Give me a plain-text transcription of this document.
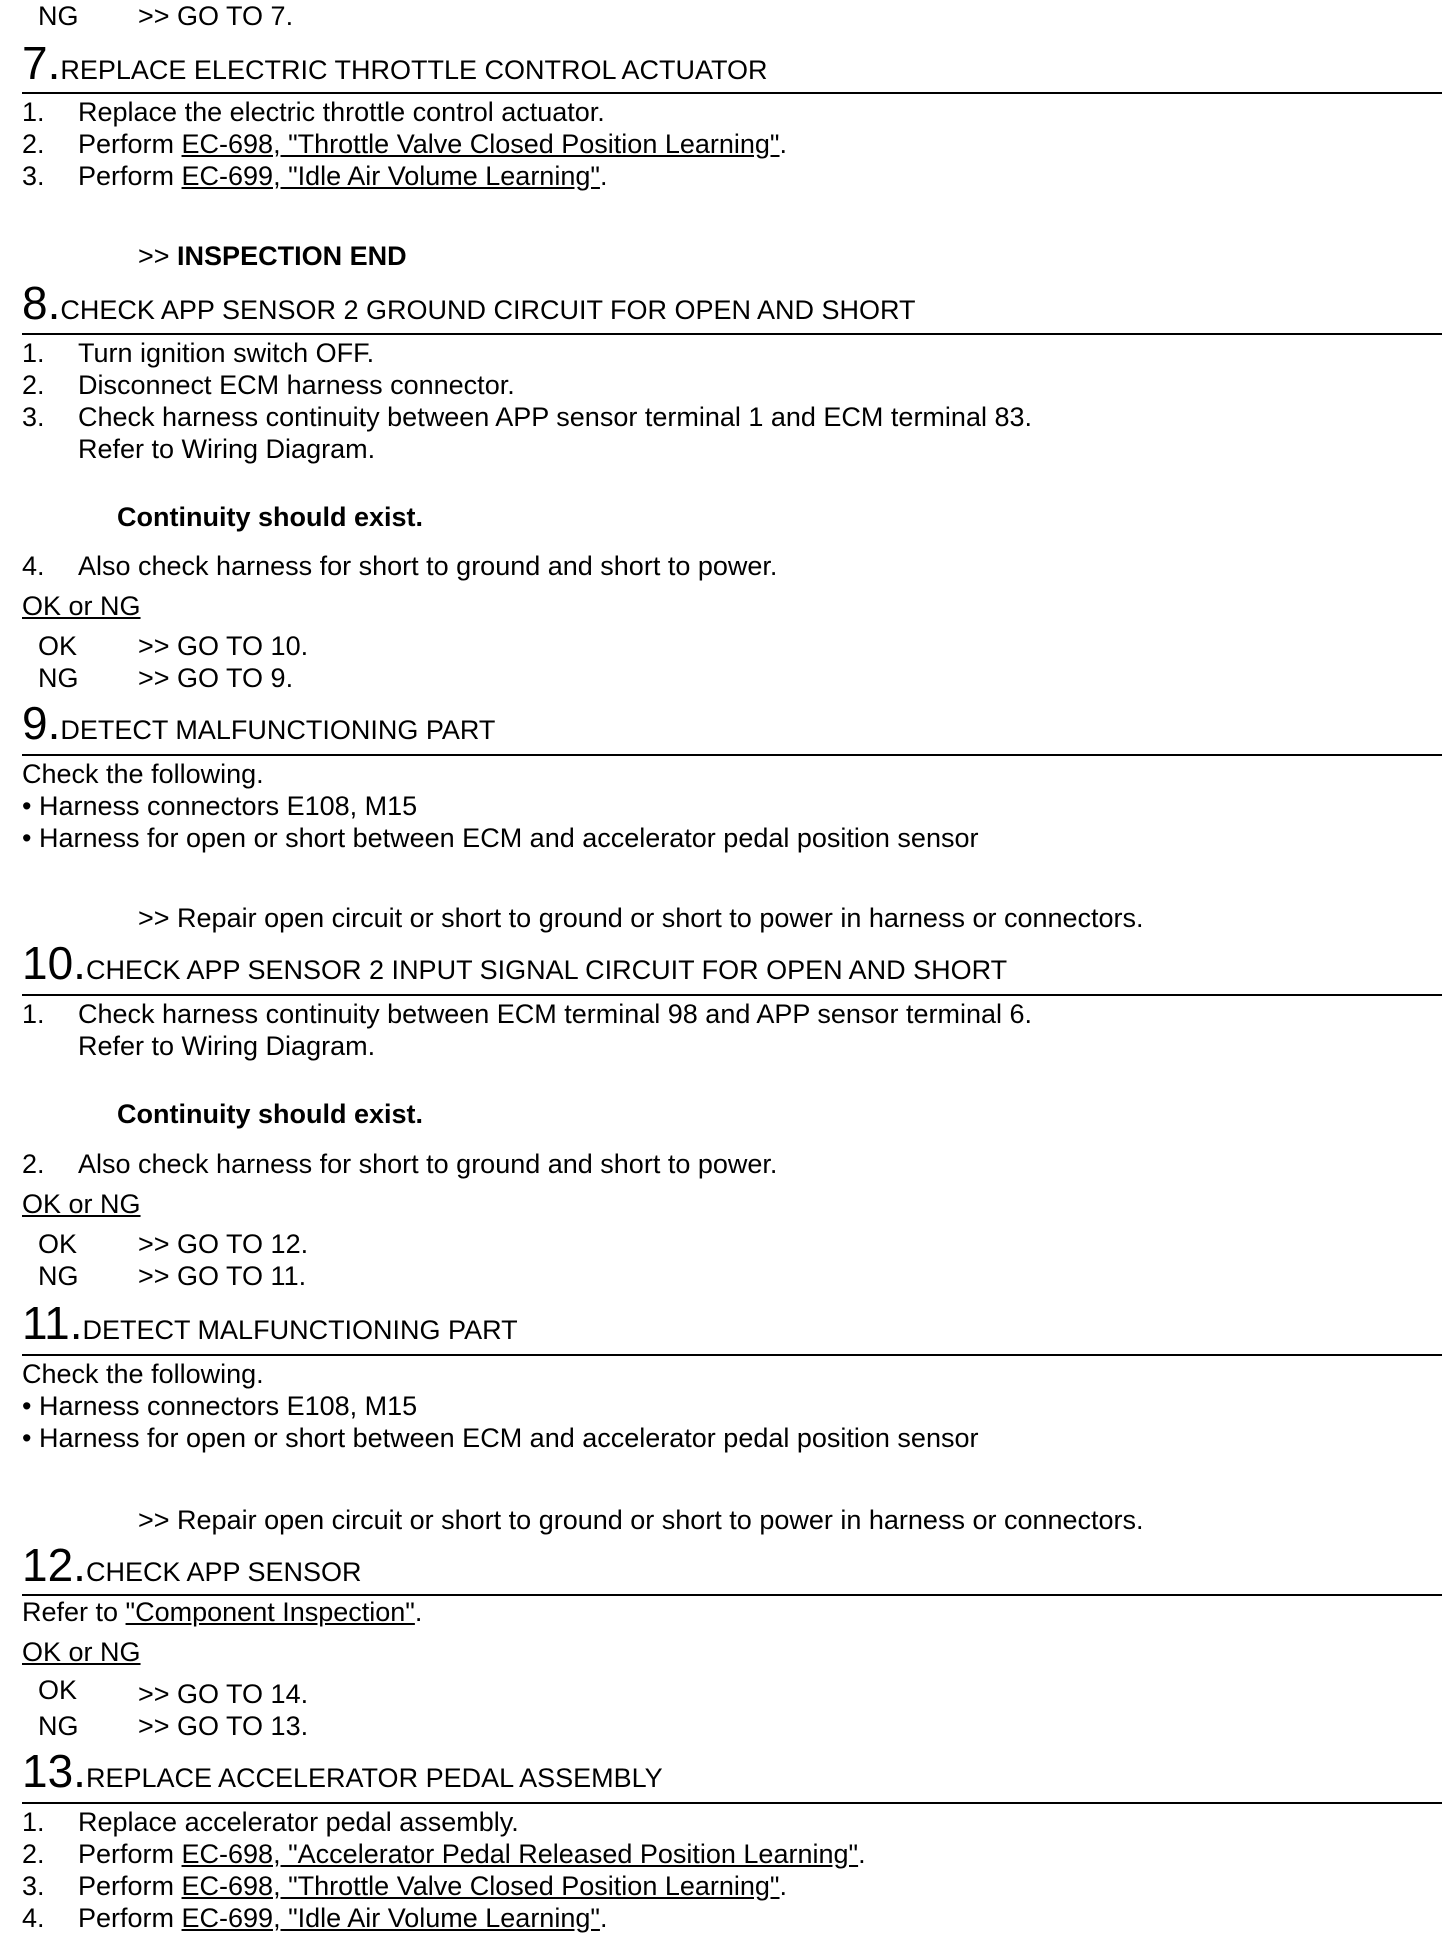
NG >> GO TO 7.
7.REPLACE ELECTRIC THROTTLE CONTROL ACTUATOR
1. Replace the electric throttle control actuator.
2. Perform EC-698, "Throttle Valve Closed Position Learning".
3. Perform EC-699, "Idle Air Volume Learning".
>> INSPECTION END
8.CHECK APP SENSOR 2 GROUND CIRCUIT FOR OPEN AND SHORT
1. Turn ignition switch OFF.
2. Disconnect ECM harness connector.
3. Check harness continuity between APP sensor terminal 1 and ECM terminal 83.
Refer to Wiring Diagram.
Continuity should exist.
4. Also check harness for short to ground and short to power.
OK or NG
OK >> GO TO 10.
NG >> GO TO 9.
9.DETECT MALFUNCTIONING PART
Check the following.
• Harness connectors E108, M15
• Harness for open or short between ECM and accelerator pedal position sensor
>> Repair open circuit or short to ground or short to power in harness or connectors.
10.CHECK APP SENSOR 2 INPUT SIGNAL CIRCUIT FOR OPEN AND SHORT
1. Check harness continuity between ECM terminal 98 and APP sensor terminal 6.
Refer to Wiring Diagram.
Continuity should exist.
2. Also check harness for short to ground and short to power.
OK or NG
OK >> GO TO 12.
NG >> GO TO 11.
11.DETECT MALFUNCTIONING PART
Check the following.
• Harness connectors E108, M15
• Harness for open or short between ECM and accelerator pedal position sensor
>> Repair open circuit or short to ground or short to power in harness or connectors.
12.CHECK APP SENSOR
Refer to "Component Inspection".
OK or NG
OK >> GO TO 14.
NG >> GO TO 13.
13.REPLACE ACCELERATOR PEDAL ASSEMBLY
1. Replace accelerator pedal assembly.
2. Perform EC-698, "Accelerator Pedal Released Position Learning".
3. Perform EC-698, "Throttle Valve Closed Position Learning".
4. Perform EC-699, "Idle Air Volume Learning".
